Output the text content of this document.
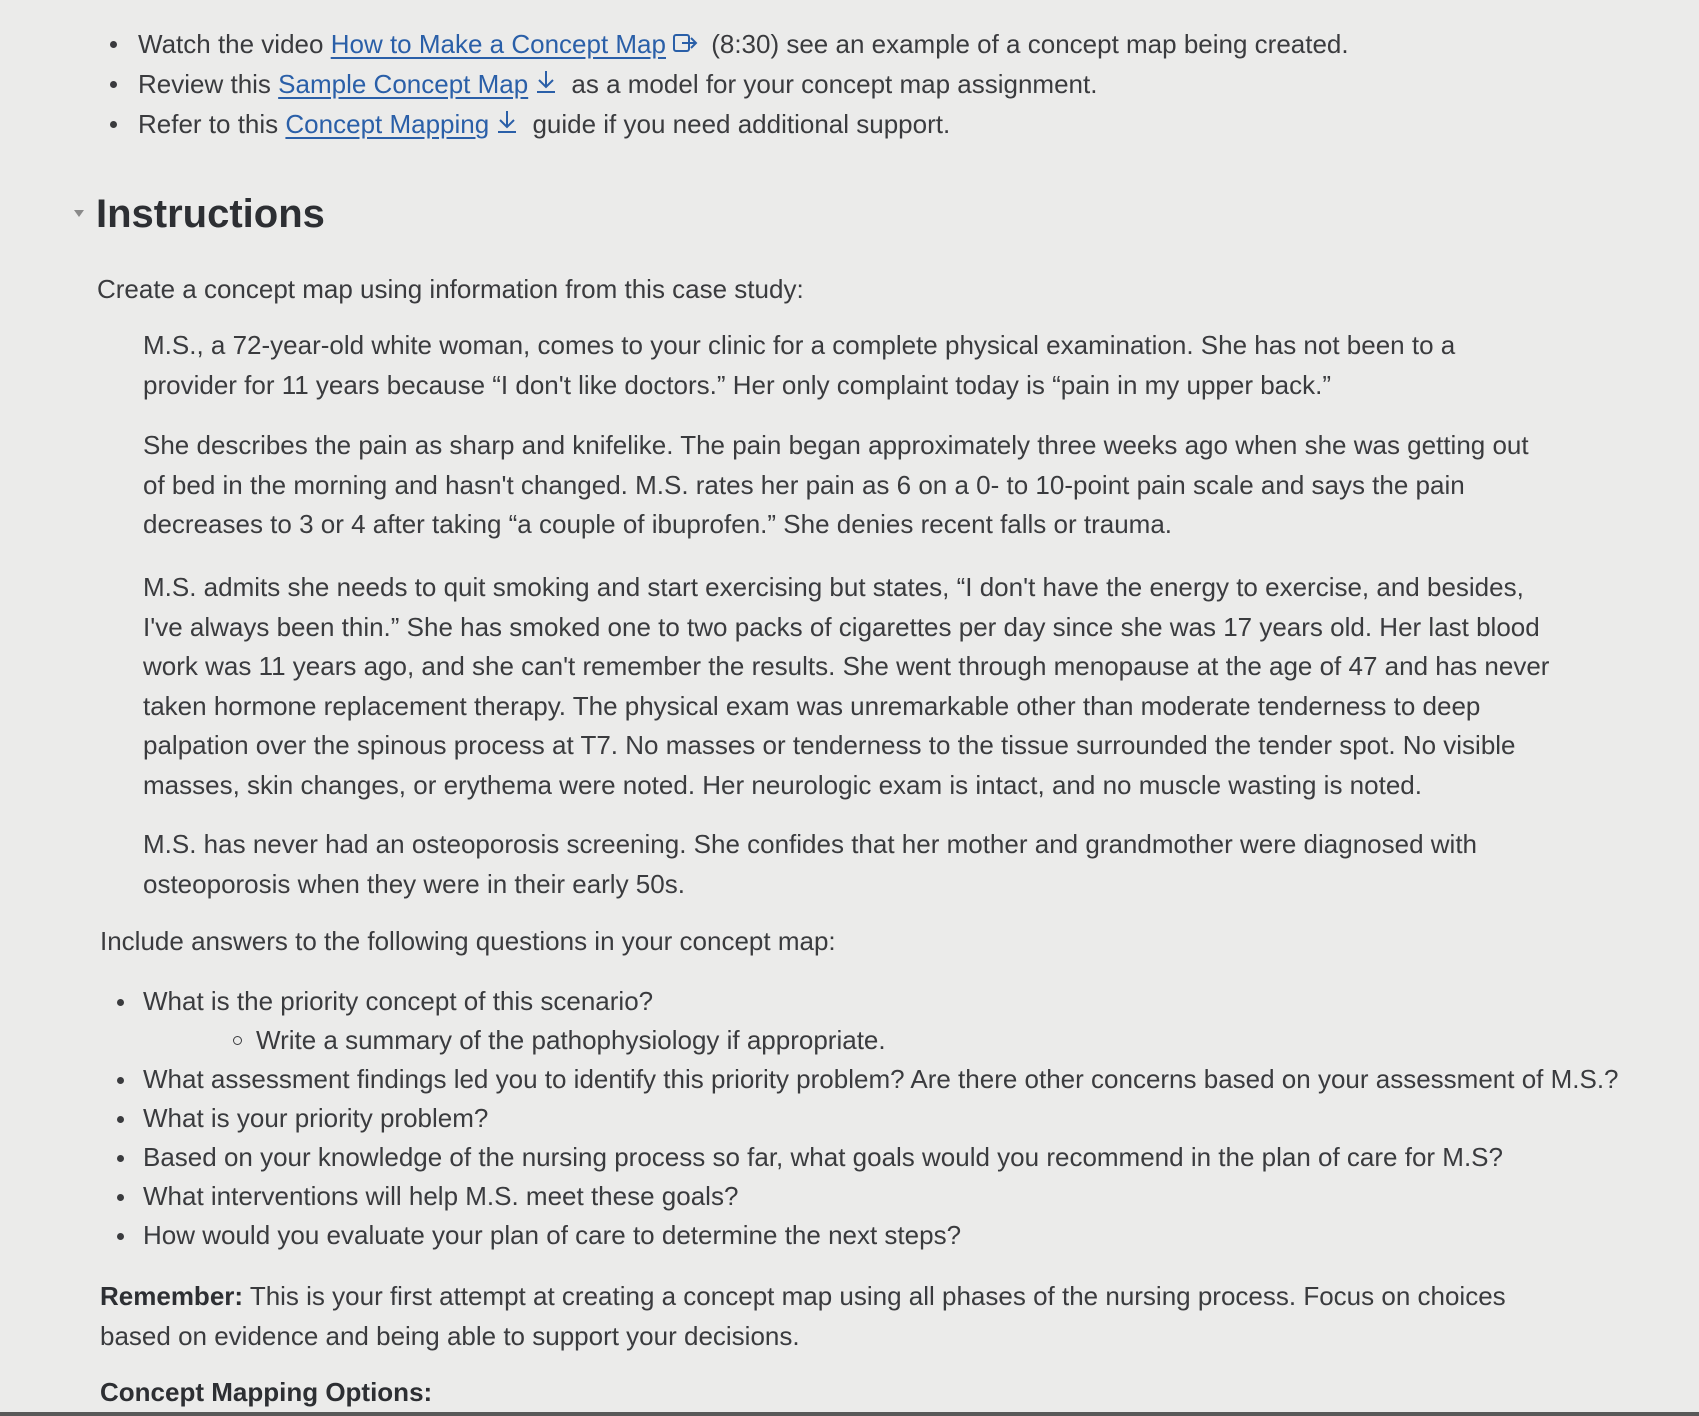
Watch the video How to Make a Concept Map (8:30) see an example of a concept map being created.
Review this Sample Concept Map as a model for your concept map assignment.
Refer to this Concept Mapping guide if you need additional support.
Instructions
Create a concept map using information from this case study:
M.S., a 72-year-old white woman, comes to your clinic for a complete physical examination. She has not been to a
provider for 11 years because “I don't like doctors.” Her only complaint today is “pain in my upper back.”
She describes the pain as sharp and knifelike. The pain began approximately three weeks ago when she was getting out
of bed in the morning and hasn't changed. M.S. rates her pain as 6 on a 0- to 10-point pain scale and says the pain
decreases to 3 or 4 after taking “a couple of ibuprofen.” She denies recent falls or trauma.
M.S. admits she needs to quit smoking and start exercising but states, “I don't have the energy to exercise, and besides,
I've always been thin.” She has smoked one to two packs of cigarettes per day since she was 17 years old. Her last blood
work was 11 years ago, and she can't remember the results. She went through menopause at the age of 47 and has never
taken hormone replacement therapy. The physical exam was unremarkable other than moderate tenderness to deep
palpation over the spinous process at T7. No masses or tenderness to the tissue surrounded the tender spot. No visible
masses, skin changes, or erythema were noted. Her neurologic exam is intact, and no muscle wasting is noted.
M.S. has never had an osteoporosis screening. She confides that her mother and grandmother were diagnosed with
osteoporosis when they were in their early 50s.
Include answers to the following questions in your concept map:
What is the priority concept of this scenario?
Write a summary of the pathophysiology if appropriate.
What assessment findings led you to identify this priority problem? Are there other concerns based on your assessment of M.S.?
What is your priority problem?
Based on your knowledge of the nursing process so far, what goals would you recommend in the plan of care for M.S?
What interventions will help M.S. meet these goals?
How would you evaluate your plan of care to determine the next steps?
Remember: This is your first attempt at creating a concept map using all phases of the nursing process. Focus on choices
based on evidence and being able to support your decisions.
Concept Mapping Options:
